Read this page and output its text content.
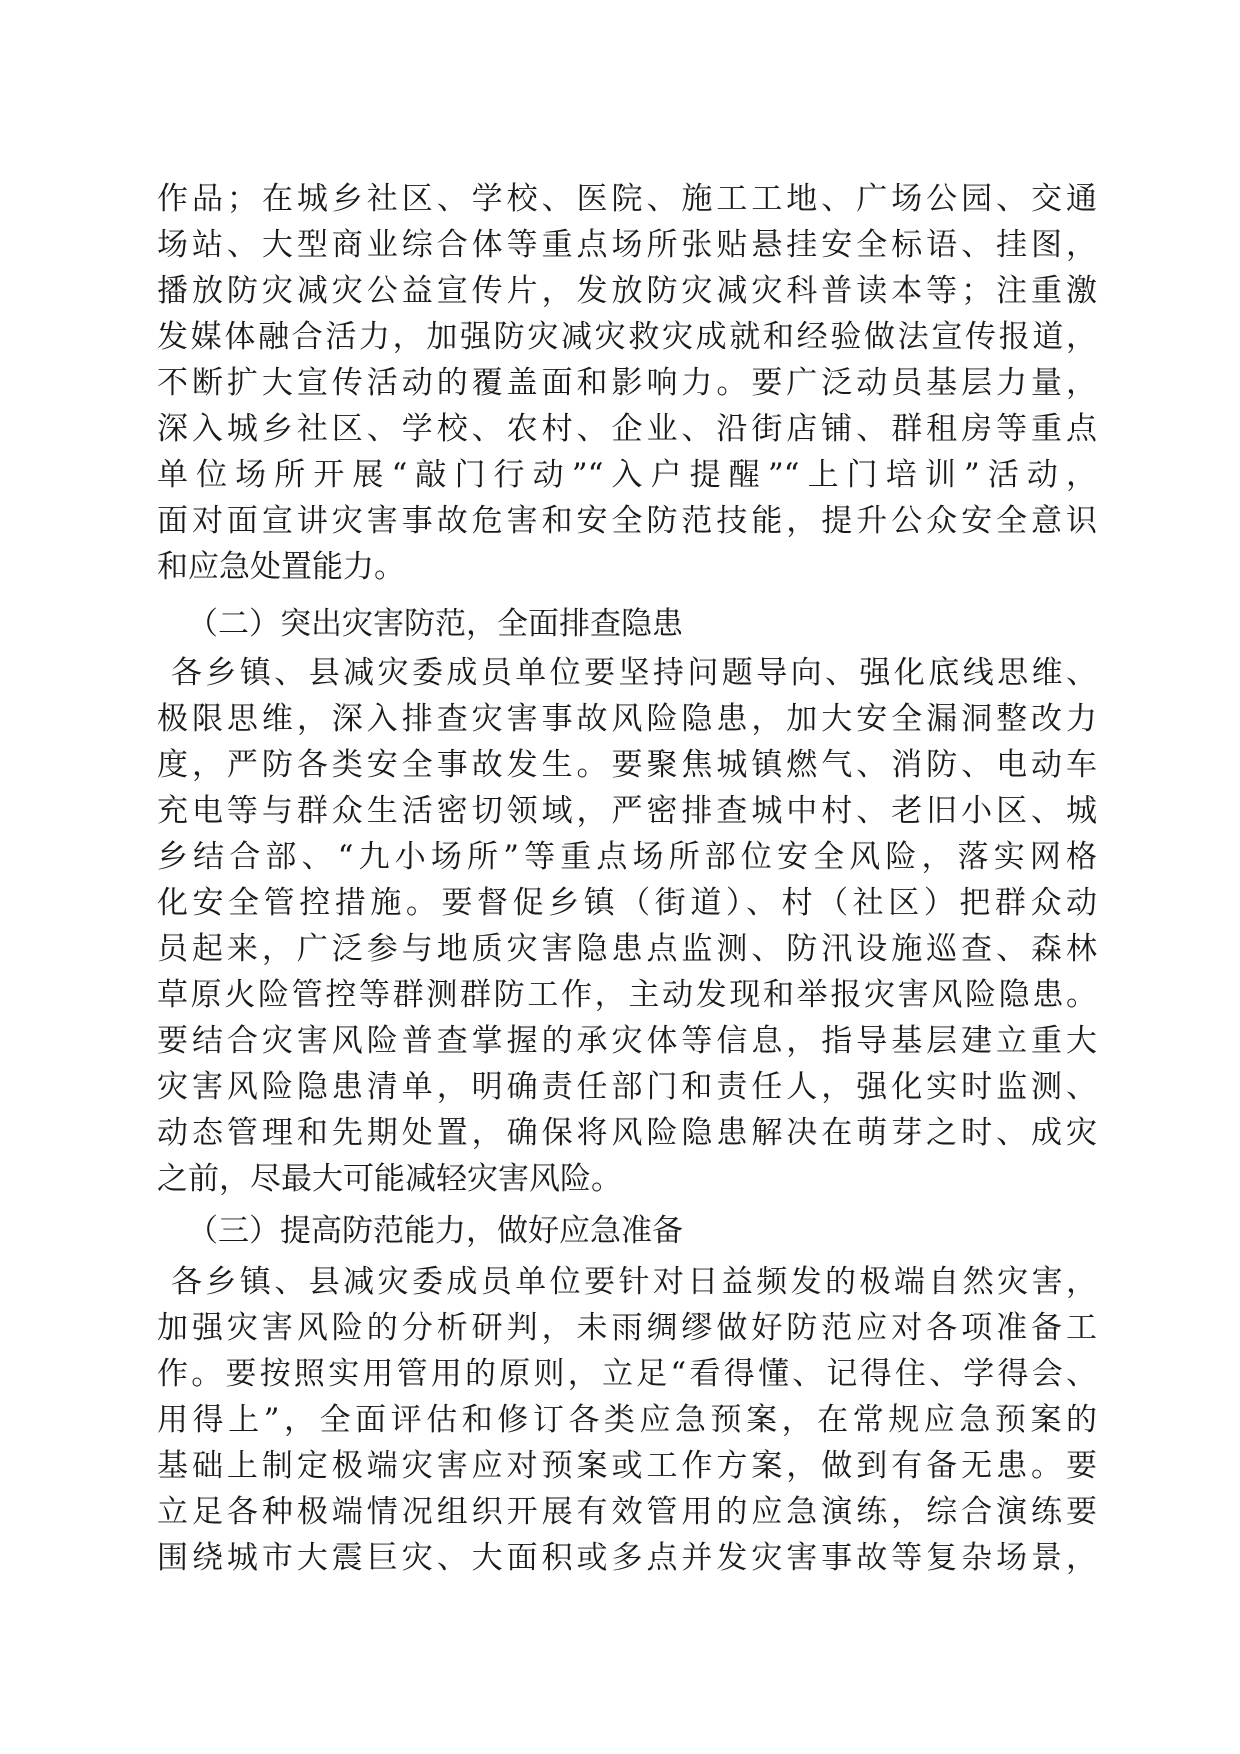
作品；在城乡社区、学校、医院、施工工地、广场公园、交通
场站、大型商业综合体等重点场所张贴悬挂安全标语、挂图，
播放防灾减灾公益宣传片，发放防灾减灾科普读本等；注重激
发媒体融合活力，加强防灾减灾救灾成就和经验做法宣传报道，
不断扩大宣传活动的覆盖面和影响力。要广泛动员基层力量，
深入城乡社区、学校、农村、企业、沿街店铺、群租房等重点
单位场所开展“敲门行动”“入户提醒”“上门培训”活动，
面对面宣讲灾害事故危害和安全防范技能，提升公众安全意识
和应急处置能力。
（二）突出灾害防范，全面排查隐患
各乡镇、县减灾委成员单位要坚持问题导向、强化底线思维、
极限思维，深入排查灾害事故风险隐患，加大安全漏洞整改力
度，严防各类安全事故发生。要聚焦城镇燃气、消防、电动车
充电等与群众生活密切领域，严密排查城中村、老旧小区、城
乡结合部、“九小场所”等重点场所部位安全风险，落实网格
化安全管控措施。要督促乡镇（街道）、村（社区）把群众动
员起来，广泛参与地质灾害隐患点监测、防汛设施巡查、森林
草原火险管控等群测群防工作，主动发现和举报灾害风险隐患。
要结合灾害风险普查掌握的承灾体等信息，指导基层建立重大
灾害风险隐患清单，明确责任部门和责任人，强化实时监测、
动态管理和先期处置，确保将风险隐患解决在萌芽之时、成灾
之前，尽最大可能减轻灾害风险。
（三）提高防范能力，做好应急准备
各乡镇、县减灾委成员单位要针对日益频发的极端自然灾害，
加强灾害风险的分析研判，未雨绸缪做好防范应对各项准备工
作。要按照实用管用的原则，立足“看得懂、记得住、学得会、
用得上”，全面评估和修订各类应急预案，在常规应急预案的
基础上制定极端灾害应对预案或工作方案，做到有备无患。要
立足各种极端情况组织开展有效管用的应急演练，综合演练要
围绕城市大震巨灾、大面积或多点并发灾害事故等复杂场景，
